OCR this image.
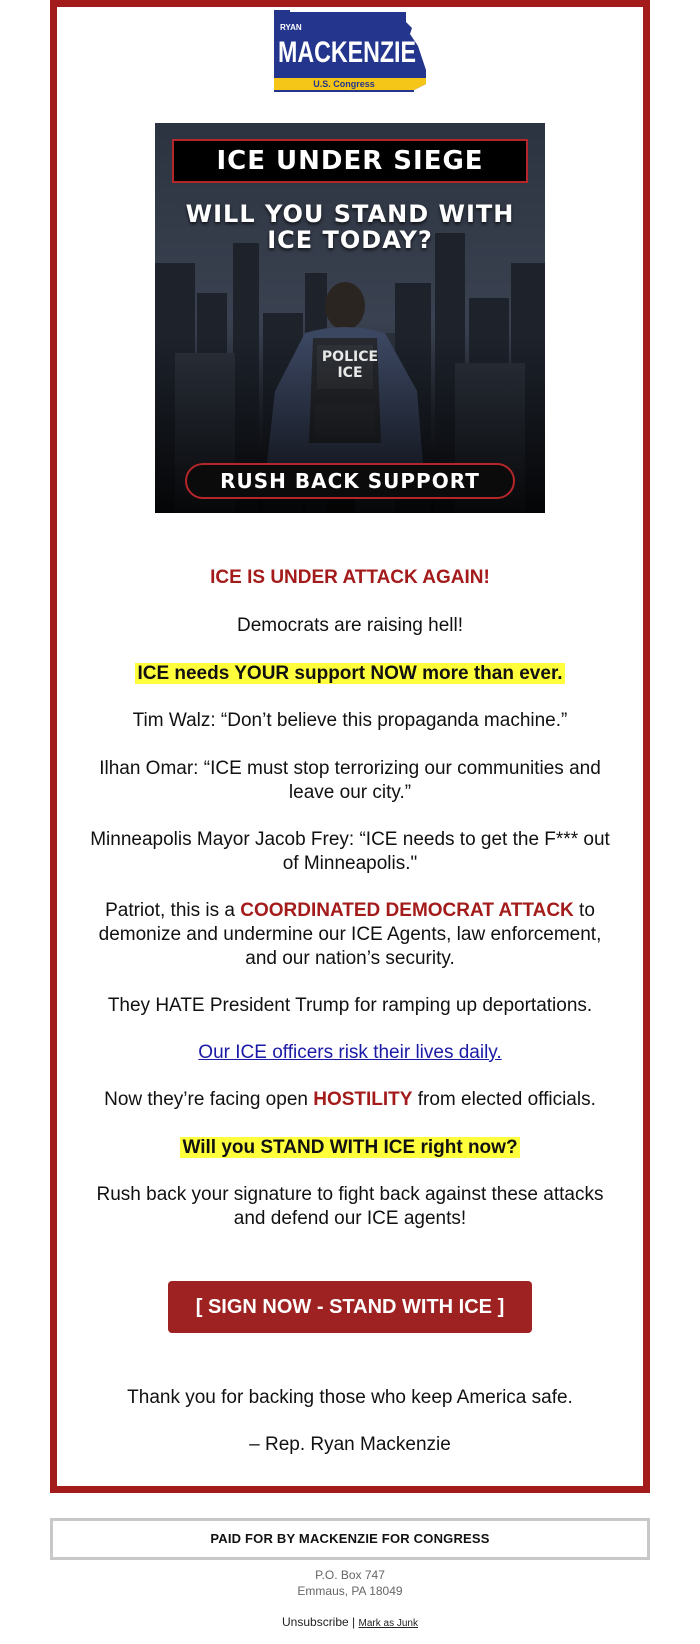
RYAN
MACKENZIE
U.S. Congress
ICE UNDER SIEGE
WILL YOU STAND WITH
ICE TODAY?
POLICE
ICE
RUSH BACK SUPPORT

ICE IS UNDER ATTACK AGAIN!

Democrats are raising hell!

ICE needs YOUR support NOW more than ever.

Tim Walz: “Don’t believe this propaganda machine.”

Ilhan Omar: “ICE must stop terrorizing our communities and

leave our city.”

Minneapolis Mayor Jacob Frey: “ICE needs to get the F*** out

of Minneapolis."

Patriot, this is a COORDINATED DEMOCRAT ATTACK to

demonize and undermine our ICE Agents, law enforcement,

and our nation’s security.

They HATE President Trump for ramping up deportations.

Our ICE officers risk their lives daily.

Now they’re facing open HOSTILITY from elected officials.

Will you STAND WITH ICE right now?

Rush back your signature to fight back against these attacks

and defend our ICE agents!

[ SIGN NOW - STAND WITH ICE ]
Thank you for backing those who keep America safe.
– Rep. Ryan Mackenzie
PAID FOR BY MACKENZIE FOR CONGRESS
P.O. Box 747
Emmaus, PA 18049
Unsubscribe | Mark as Junk
